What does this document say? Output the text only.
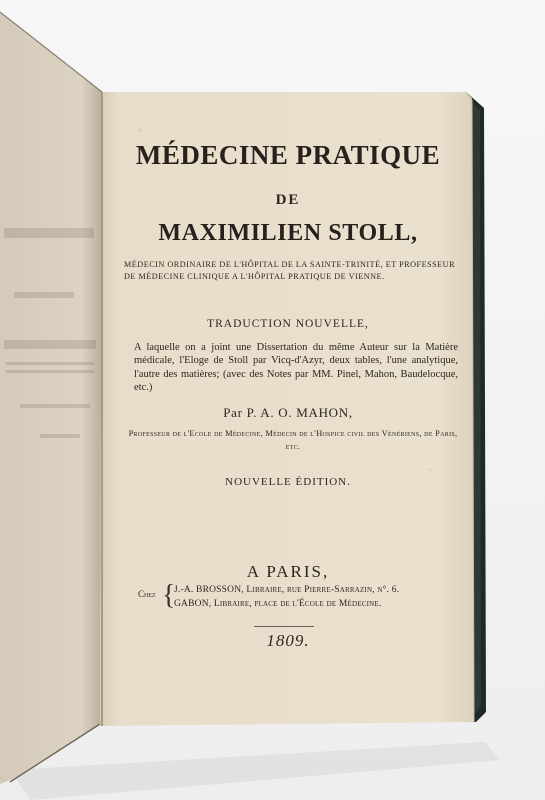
MÉDECINE PRATIQUE
DE
MAXIMILIEN STOLL,
MÉDECIN ORDINAIRE DE L'HÔPITAL DE LA SAINTE-TRINITÉ, ET PROFESSEUR DE MÉDECINE CLINIQUE A L'HÔPITAL PRATIQUE DE VIENNE.
TRADUCTION NOUVELLE,
A laquelle on a joint une Dissertation du même Auteur sur la Matière médicale, l'Eloge de Stoll par Vicq-d'Azyr, deux tables, l'une analytique, l'autre des matières; (avec des Notes par MM. Pinel, Mahon, Baudelocque, etc.)
Par P. A. O. MAHON,
Professeur de l'Ecole de Médecine, Médecin de l'Hospice civil des Vénériens, de Paris, etc.
NOUVELLE ÉDITION.
A PARIS,
Chez {
J.-A. BROSSON, Libraire, rue Pierre-Sarrazin, n°. 6.
GABON, Libraire, place de l'École de Médecine.
1809.
